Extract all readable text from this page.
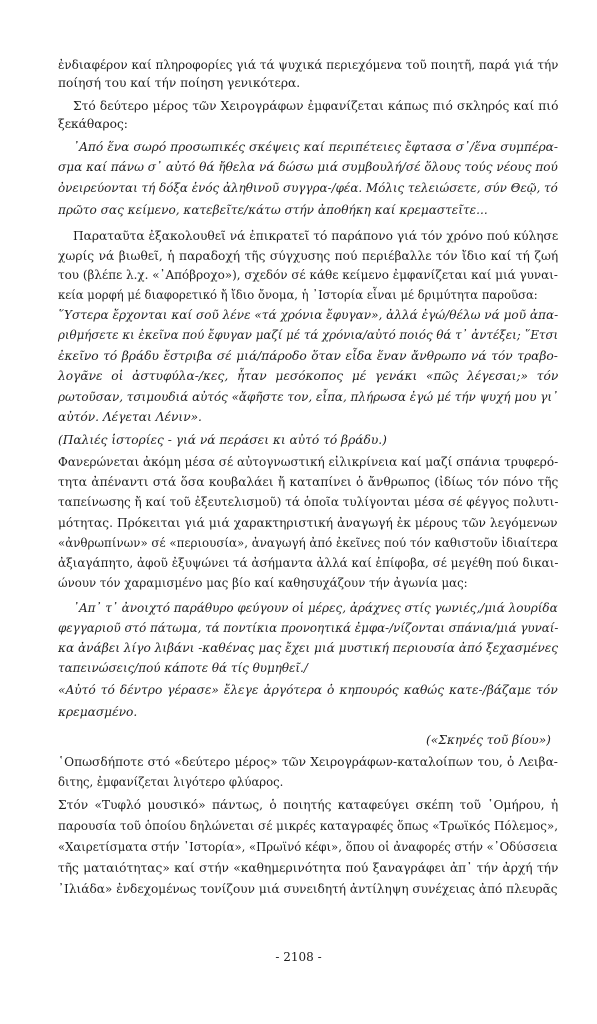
ἐνδιαφέρον καί πληροφορίες γιά τά ψυχικά περιεχόμενα τοῦ ποιητῆ, παρά γιά τήν
ποίησή του καί τήν ποίηση γενικότερα.
Στό δεύτερο μέρος τῶν Χειρογράφων ἐμφανίζεται κάπως πιό σκληρός καί πιό
ξεκάθαρος:
᾿Από ἕνα σωρό προσωπικές σκέψεις καί περιπέτειες ἔφτασα σ᾿/ἕνα συμπέρα-
σμα καί πάνω σ᾿ αὐτό θά ἤθελα νά δώσω μιά συμβουλή/σέ ὅλους τούς νέους πού
ὀνειρεύονται τή δόξα ἑνός ἀληθινοῦ συγγρα-/φέα. Μόλις τελειώσετε, σύν Θεῷ, τό
πρῶτο σας κείμενο, κατεβεῖτε/κάτω στήν ἀποθήκη καί κρεμαστεῖτε...
Παραταῦτα ἐξακολουθεῖ νά ἐπικρατεῖ τό παράπονο γιά τόν χρόνο πού κύλησε
χωρίς νά βιωθεῖ, ἡ παραδοχή τῆς σύγχυσης πού περιέβαλλε τόν ἴδιο καί τή ζωή
του (βλέπε λ.χ. «᾿Απόβροχο»), σχεδόν σέ κάθε κείμενο ἐμφανίζεται καί μιά γυναι-
κεία μορφή μέ διαφορετικό ἤ ἴδιο ὄνομα, ἡ ᾿Ιστορία εἶναι μέ δριμύτητα παροῦσα:
῞Υστερα ἔρχονται καί σοῦ λένε «τά χρόνια ἔφυγαν», ἀλλά ἐγώ/θέλω νά μοῦ ἀπα-
ριθμήσετε κι ἐκεῖνα πού ἔφυγαν μαζί μέ τά χρόνια/αὐτό ποιός θά τ᾿ ἀντέξει; ῞Ετσι
ἐκεῖνο τό βράδυ ἔστριβα σέ μιά/πάροδο ὅταν εἶδα ἕναν ἄνθρωπο νά τόν τραβο-
λογᾶνε οἱ ἀστυφύλα-/κες, ἦταν μεσόκοπος μέ γενάκι «πῶς λέγεσαι;» τόν
ρωτοῦσαν, τσιμουδιά αὐτός «ἄφῆστε τον, εἶπα, πλήρωσα ἐγώ μέ τήν ψυχή μου γι᾿
αὐτόν. Λέγεται Λένιν».
(Παλιές ἱστορίες - γιά νά περάσει κι αὐτό τό βράδυ.)
Φανερώνεται ἀκόμη μέσα σέ αὐτογνωστική εἰλικρίνεια καί μαζί σπάνια τρυφερό-
τητα ἀπέναντι στά ὅσα κουβαλάει ἤ καταπίνει ὁ ἄνθρωπος (ἰδίως τόν πόνο τῆς
ταπείνωσης ἤ καί τοῦ ἐξευτελισμοῦ) τά ὁποῖα τυλίγονται μέσα σέ φέγγος πολυτι-
μότητας. Πρόκειται γιά μιά χαρακτηριστική ἀναγωγή ἐκ μέρους τῶν λεγόμενων
«ἀνθρωπίνων» σέ «περιουσία», ἀναγωγή ἀπό ἐκεῖνες πού τόν καθιστοῦν ἰδιαίτερα
ἀξιαγάπητο, ἀφοῦ ἐξυψώνει τά ἀσήμαντα ἀλλά καί ἐπίφοβα, σέ μεγέθη πού δικαι-
ώνουν τόν χαραμισμένο μας βίο καί καθησυχάζουν τήν ἀγωνία μας:
᾿Απ᾿ τ᾿ ἀνοιχτό παράθυρο φεύγουν οἱ μέρες, ἀράχνες στίς γωνιές,/μιά λουρίδα
φεγγαριοῦ στό πάτωμα, τά ποντίκια προνοητικά ἐμφα-/νίζονται σπάνια/μιά γυναί-
κα ἀνάβει λίγο λιβάνι -καθένας μας ἔχει μιά μυστική περιουσία ἀπό ξεχασμένες
ταπεινώσεις/πού κάποτε θά τίς θυμηθεῖ./
«Αὐτό τό δέντρο γέρασε» ἔλεγε ἀργότερα ὁ κηπουρός καθώς κατε-/βάζαμε τόν
κρεμασμένο.
(«Σκηνές τοῦ βίου»)
῾Οπωσδήποτε στό «δεύτερο μέρος» τῶν Χειρογράφων-καταλοίπων του, ὁ Λειβα-
διτης, ἐμφανίζεται λιγότερο φλύαρος.
Στόν «Τυφλό μουσικό» πάντως, ὁ ποιητής καταφεύγει σκέπη τοῦ ῾Ομήρου, ἡ
παρουσία τοῦ ὁποίου δηλώνεται σέ μικρές καταγραφές ὅπως «Τρωϊκός Πόλεμος»,
«Χαιρετίσματα στήν ᾿Ιστορία», «Πρωϊνό κέφι», ὅπου οἱ ἀναφορές στήν «᾿Οδύσσεια
τῆς ματαιότητας» καί στήν «καθημερινότητα πού ξαναγράφει ἀπ᾿ τήν ἀρχή τήν
᾿Ιλιάδα» ἐνδεχομένως τονίζουν μιά συνειδητή ἀντίληψη συνέχειας ἀπό πλευρᾶς
- 2108 -
